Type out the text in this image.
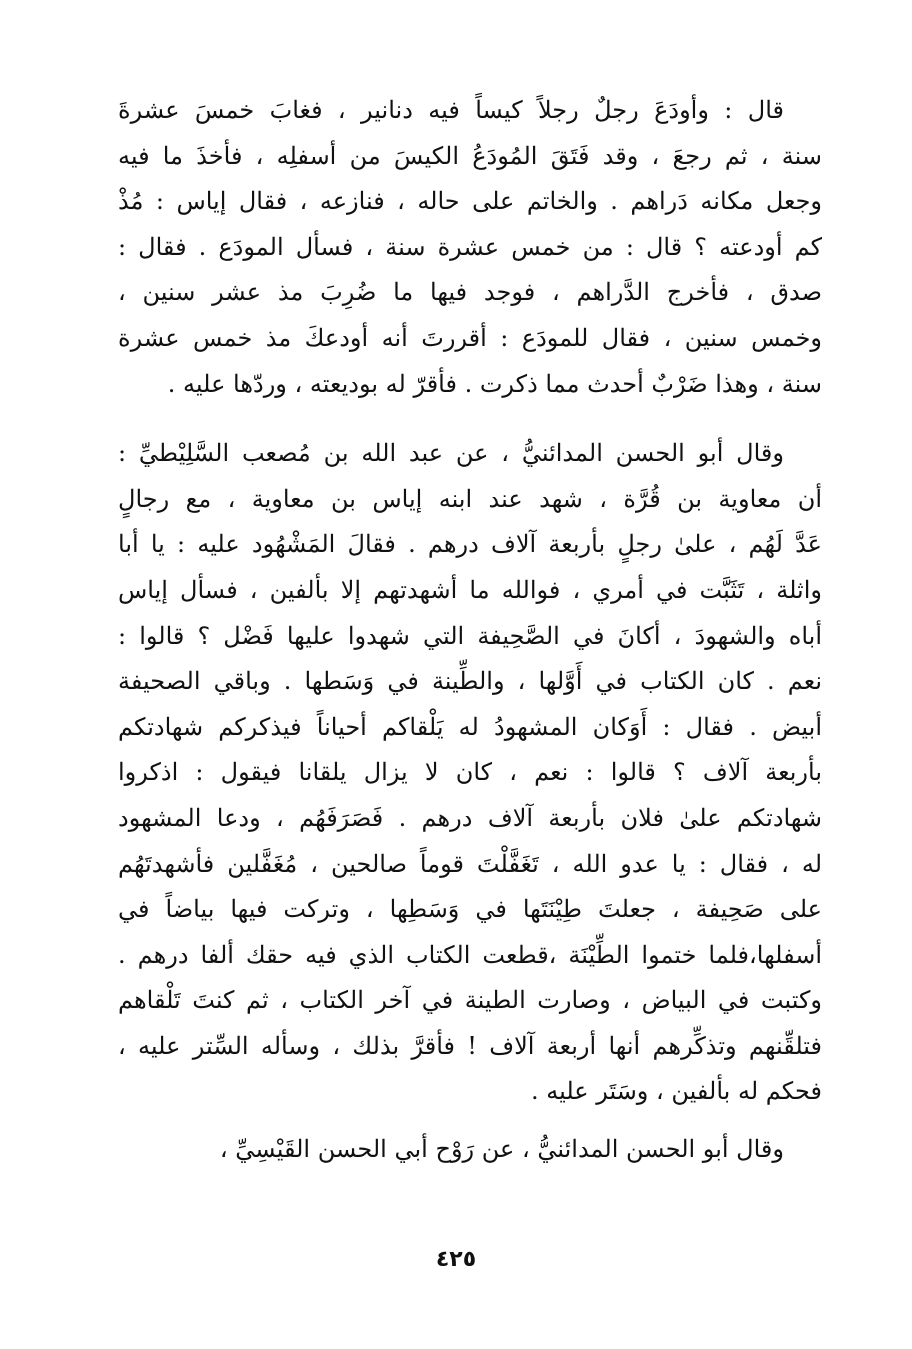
قال : وأودَعَ رجلٌ رجلاً كيساً فيه دنانير ، فغابَ خمسَ عشرةَ
سنة ، ثم رجعَ ، وقد فَتَقَ المُودَعُ الكيسَ من أسفلِه ، فأخذَ ما فيه
وجعل مكانه دَراهم . والخاتم على حاله ، فنازعه ، فقال إياس : مُذْ
كم أودعته ؟ قال : من خمس عشرة سنة ، فسأل المودَع . فقال :
صدق ، فأخرج الدَّراهم ، فوجد فيها ما ضُرِبَ مذ عشر سنين ،
وخمس سنين ، فقال للمودَع : أقررتَ أنه أودعكَ مذ خمس عشرة
سنة ، وهذا ضَرْبٌ أحدث مما ذكرت . فأقرّ له بوديعته ، وردّها عليه .
وقال أبو الحسن المدائنيُّ ، عن عبد الله بن مُصعب السَّلِيْطيِّ :
أن معاوية بن قُرَّة ، شهد عند ابنه إياس بن معاوية ، مع رجالٍ
عَدَّ لَهُم ، علىٰ رجلٍ بأربعة آلاف درهم . فقالَ المَشْهُود عليه : يا أبا
واثلة ، تَثَبَّت في أمري ، فوالله ما أشهدتهم إلا بألفين ، فسأل إياس
أباه والشهودَ ، أكانَ في الصَّحِيفة التي شهدوا عليها فَضْل ؟ قالوا :
نعم . كان الكتاب في أَوَّلها ، والطِّينة في وَسَطها . وباقي الصحيفة
أبيض . فقال : أَوَكان المشهودُ له يَلْقاكم أحياناً فيذكركم شهادتكم
بأربعة آلاف ؟ قالوا : نعم ، كان لا يزال يلقانا فيقول : اذكروا
شهادتكم علىٰ فلان بأربعة آلاف درهم . فَصَرَفَهُم ، ودعا المشهود
له ، فقال : يا عدو الله ، تَغَفَّلْتَ قوماً صالحين ، مُغَفَّلين فأشهدتَهُم
على صَحِيفة ، جعلتَ طِيْنَتَها في وَسَطِها ، وتركت فيها بياضاً في
أسفلها،فلما ختموا الطِّيْنَة ،قطعت الكتاب الذي فيه حقك ألفا درهم .
وكتبت في البياض ، وصارت الطينة في آخر الكتاب ، ثم كنتَ تَلْقاهم
فتلقِّنهم وتذكِّرهم أنها أربعة آلاف ! فأقرَّ بذلك ، وسأله السِّتر عليه ،
فحكم له بألفين ، وسَتَر عليه .
وقال أبو الحسن المدائنيُّ ، عن رَوْح أبي الحسن القَيْسِيِّ ،
٤٢٥
